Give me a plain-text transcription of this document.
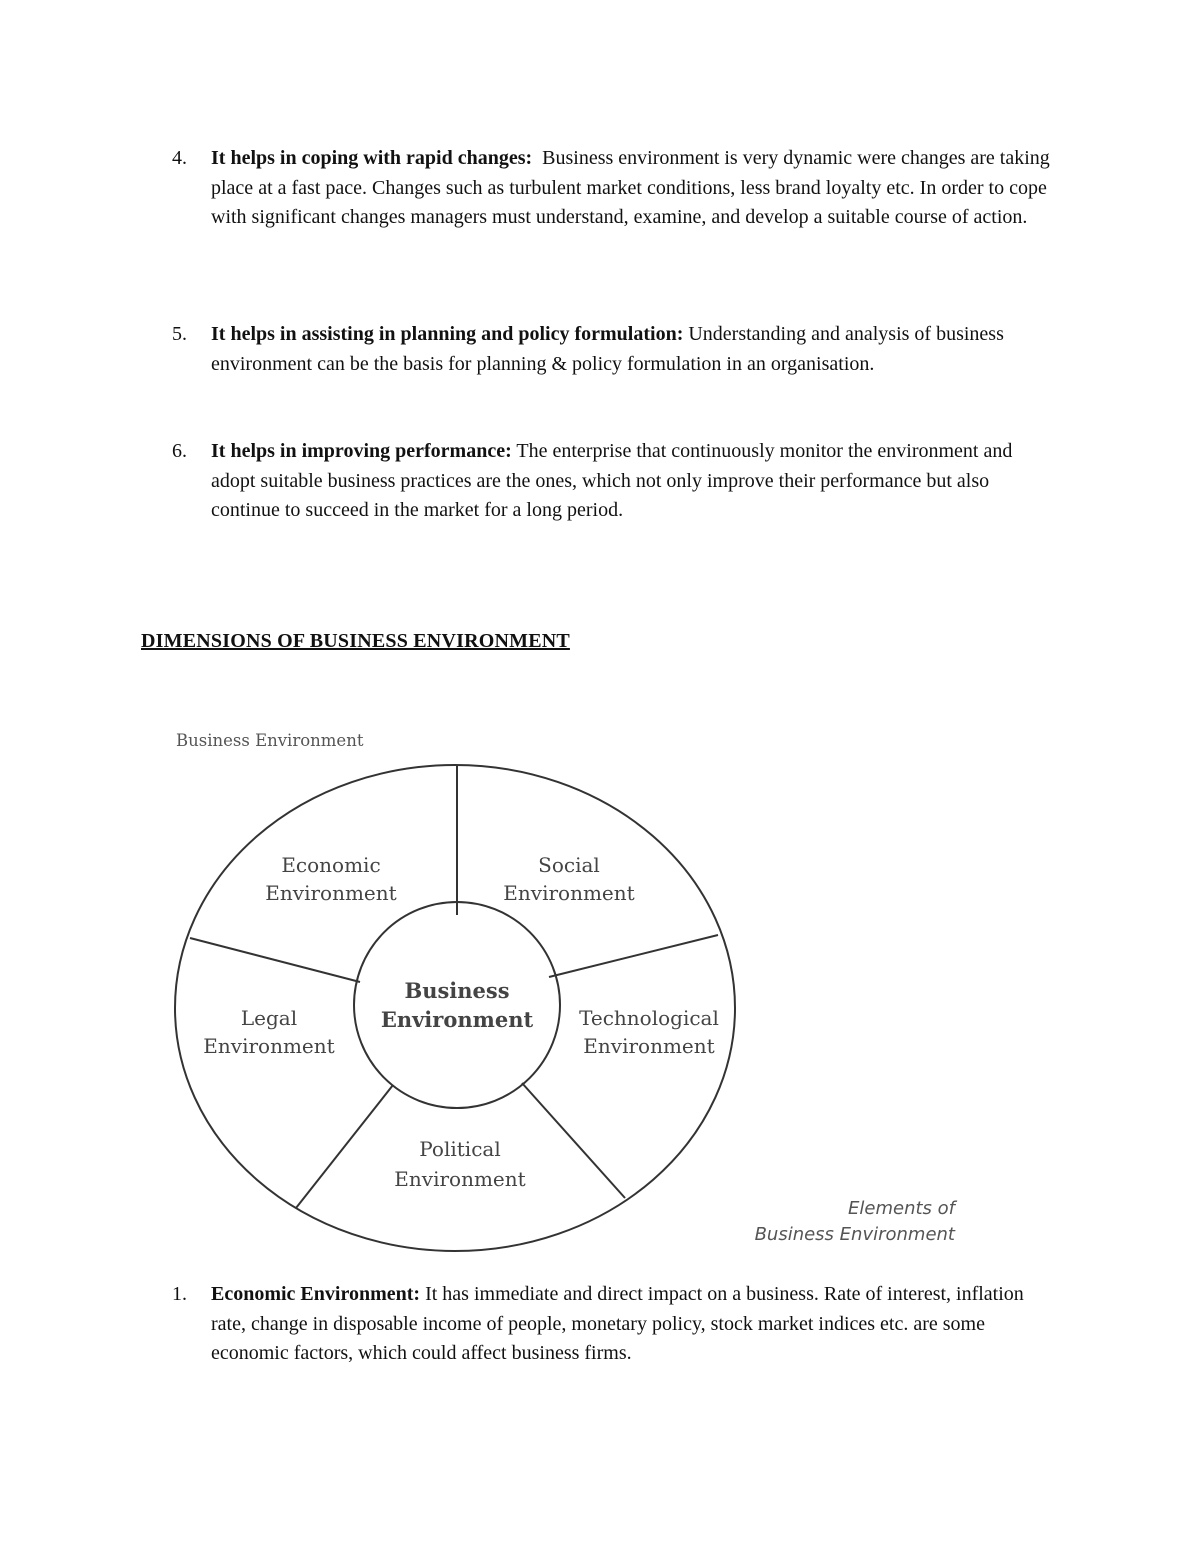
4. It helps in coping with rapid changes: Business environment is very dynamic were changes are taking place at a fast pace. Changes such as turbulent market conditions, less brand loyalty etc. In order to cope with significant changes managers must understand, examine, and develop a suitable course of action.
5. It helps in assisting in planning and policy formulation: Understanding and analysis of business environment can be the basis for planning & policy formulation in an organisation.
6. It helps in improving performance: The enterprise that continuously monitor the environment and adopt suitable business practices are the ones, which not only improve their performance but also continue to succeed in the market for a long period.
DIMENSIONS OF BUSINESS ENVIRONMENT
Business Environment
Business
Environment
Economic
Environment
Social
Environment
Technological
Environment
Political
Environment
Legal
Environment
Elements of
Business Environment
1. Economic Environment: It has immediate and direct impact on a business. Rate of interest, inflation rate, change in disposable income of people, monetary policy, stock market indices etc. are some economic factors, which could affect business firms.
